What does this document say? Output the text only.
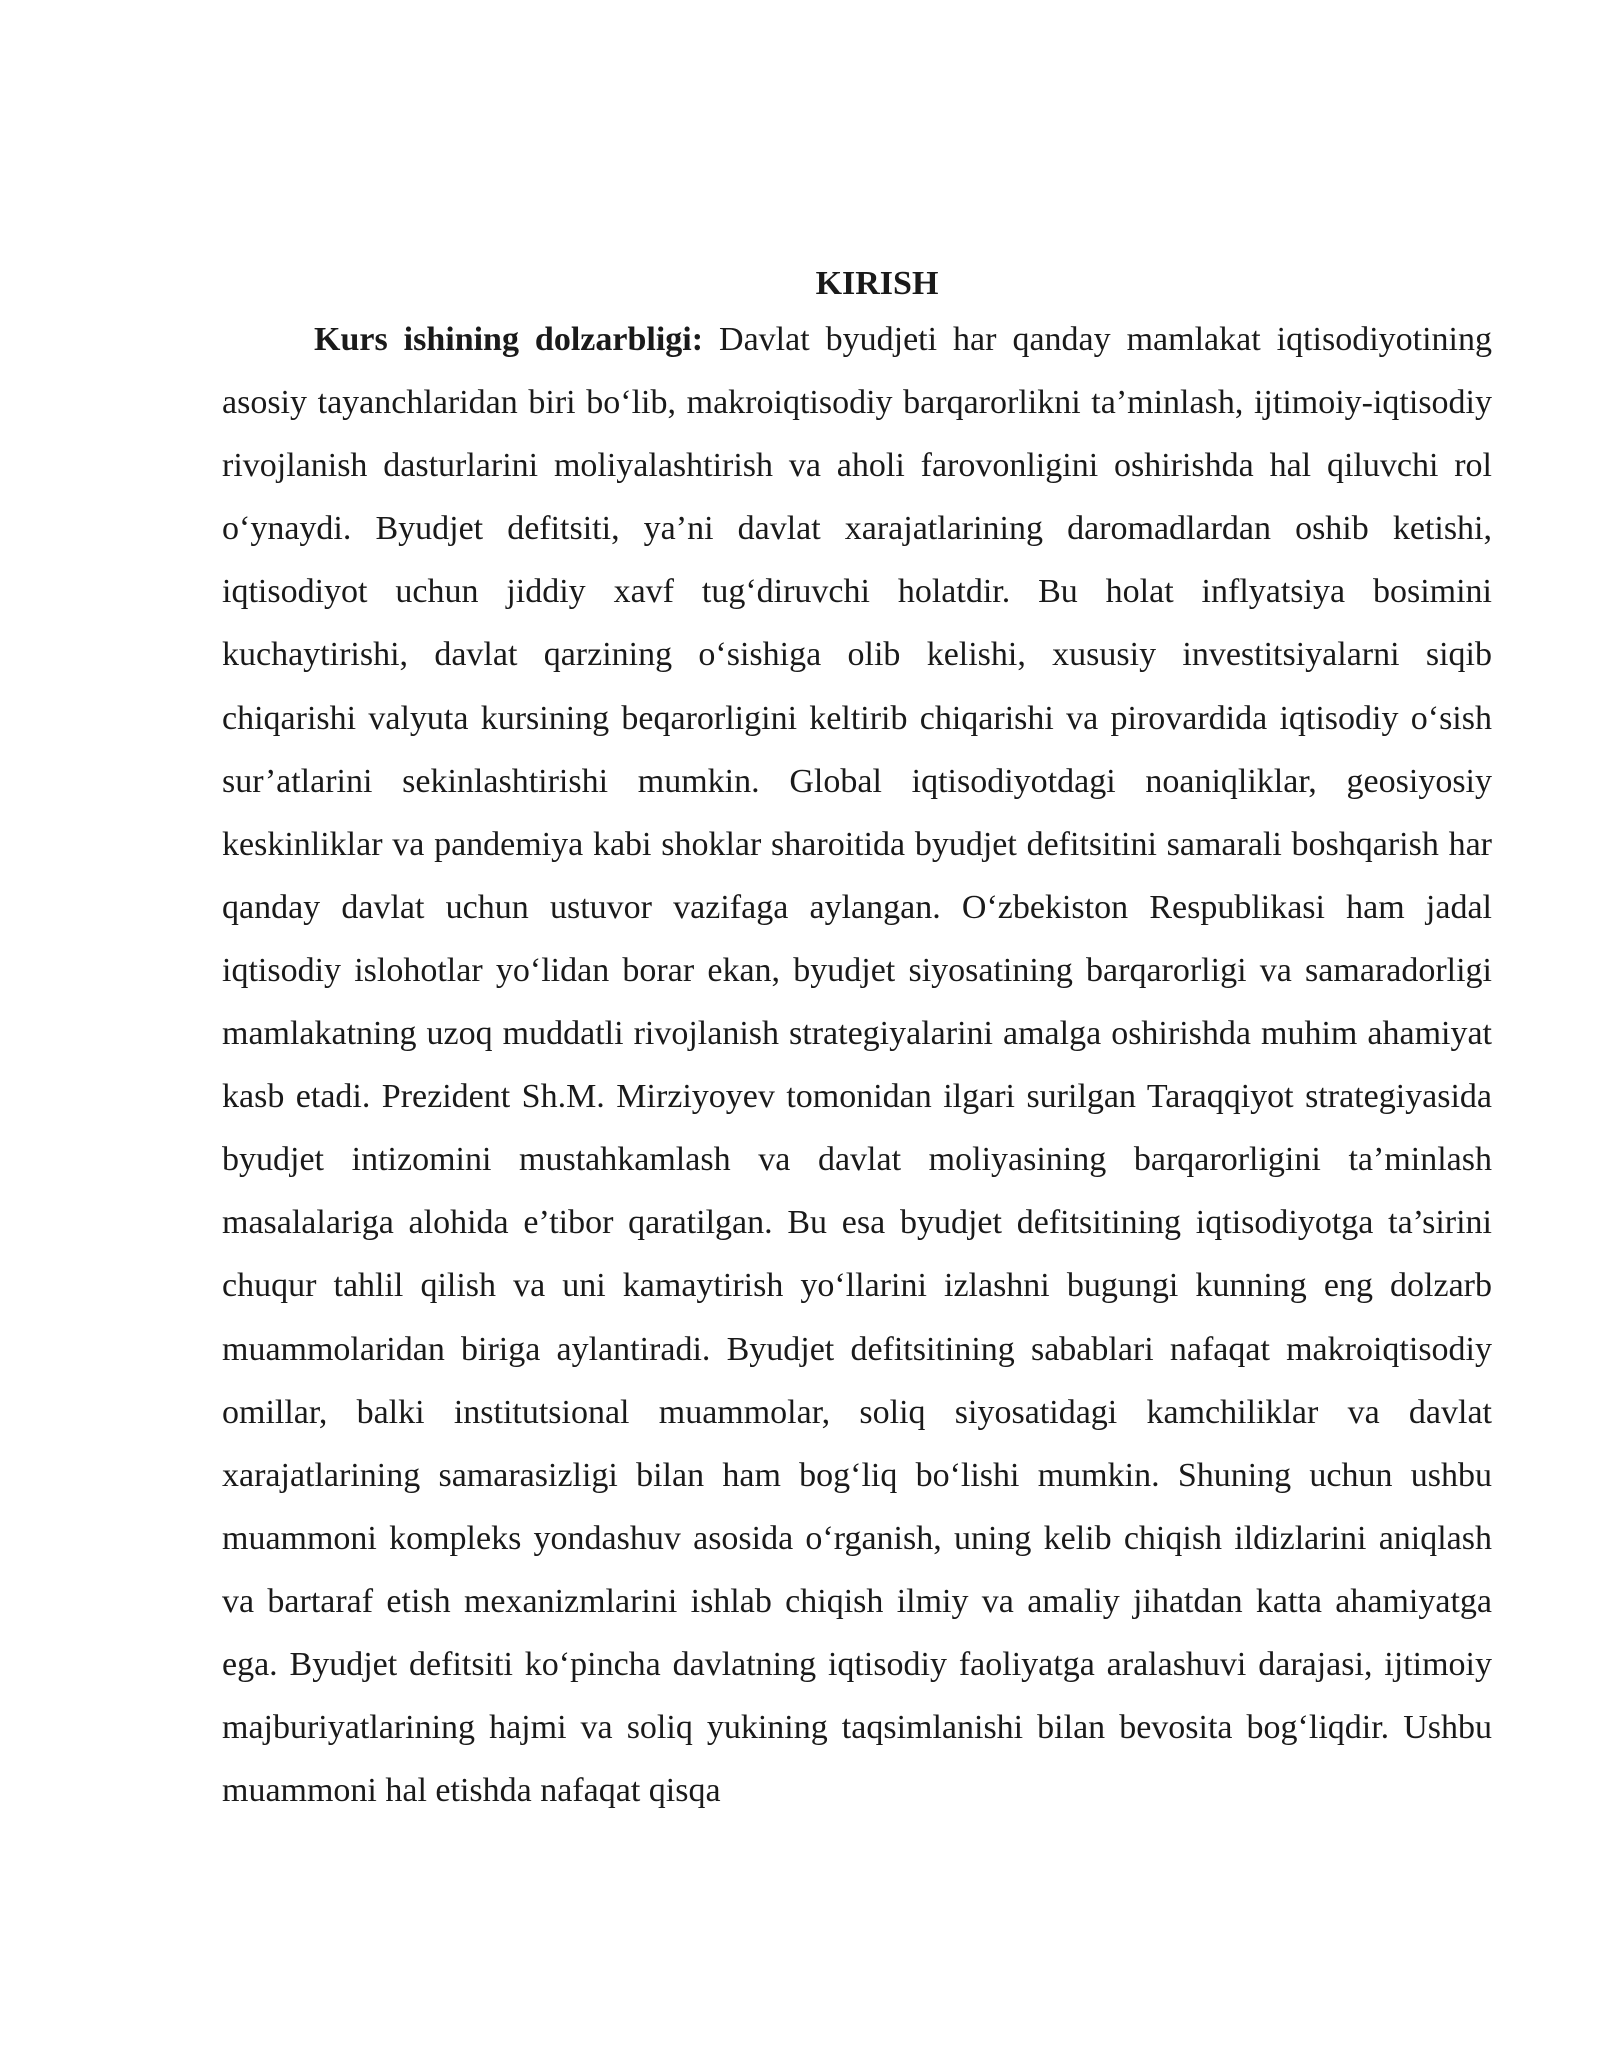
KIRISH

Kurs ishining dolzarbligi: Davlat byudjeti har qanday mamlakat iqtisodiyotining asosiy tayanchlaridan biri bo‘lib, makroiqtisodiy barqarorlikni ta’minlash, ijtimoiy-iqtisodiy rivojlanish dasturlarini moliyalashtirish va aholi farovonligini oshirishda hal qiluvchi rol o‘ynaydi. Byudjet defitsiti, ya’ni davlat xarajatlarining daromadlardan oshib ketishi, iqtisodiyot uchun jiddiy xavf tug‘diruvchi holatdir. Bu holat inflyatsiya bosimini kuchaytirishi, davlat qarzining o‘sishiga olib kelishi, xususiy investitsiyalarni siqib chiqarishi valyuta kursining beqarorligini keltirib chiqarishi va pirovardida iqtisodiy o‘sish sur’atlarini sekinlashtirishi mumkin. Global iqtisodiyotdagi noaniqliklar, geosiyosiy keskinliklar va pandemiya kabi shoklar sharoitida byudjet defitsitini samarali boshqarish har qanday davlat uchun ustuvor vazifaga aylangan. O‘zbekiston Respublikasi ham jadal iqtisodiy islohotlar yo‘lidan borar ekan, byudjet siyosatining barqarorligi va samaradorligi mamlakatning uzoq muddatli rivojlanish strategiyalarini amalga oshirishda muhim ahamiyat kasb etadi. Prezident Sh.M. Mirziyoyev tomonidan ilgari surilgan Taraqqiyot strategiyasida byudjet intizomini mustahkamlash va davlat moliyasining barqarorligini ta’minlash masalalariga alohida e’tibor qaratilgan. Bu esa byudjet defitsitining iqtisodiyotga ta’sirini chuqur tahlil qilish va uni kamaytirish yo‘llarini izlashni bugungi kunning eng dolzarb muammolaridan biriga aylantiradi. Byudjet defitsitining sabablari nafaqat makroiqtisodiy omillar, balki institutsional muammolar, soliq siyosatidagi kamchiliklar va davlat xarajatlarining samarasizligi bilan ham bog‘liq bo‘lishi mumkin. Shuning uchun ushbu muammoni kompleks yondashuv asosida o‘rganish, uning kelib chiqish ildizlarini aniqlash va bartaraf etish mexanizmlarini ishlab chiqish ilmiy va amaliy jihatdan katta ahamiyatga ega. Byudjet defitsiti ko‘pincha davlatning iqtisodiy faoliyatga aralashuvi darajasi, ijtimoiy majburiyatlarining hajmi va soliq yukining taqsimlanishi bilan bevosita bog‘liqdir. Ushbu muammoni hal etishda nafaqat qisqa
